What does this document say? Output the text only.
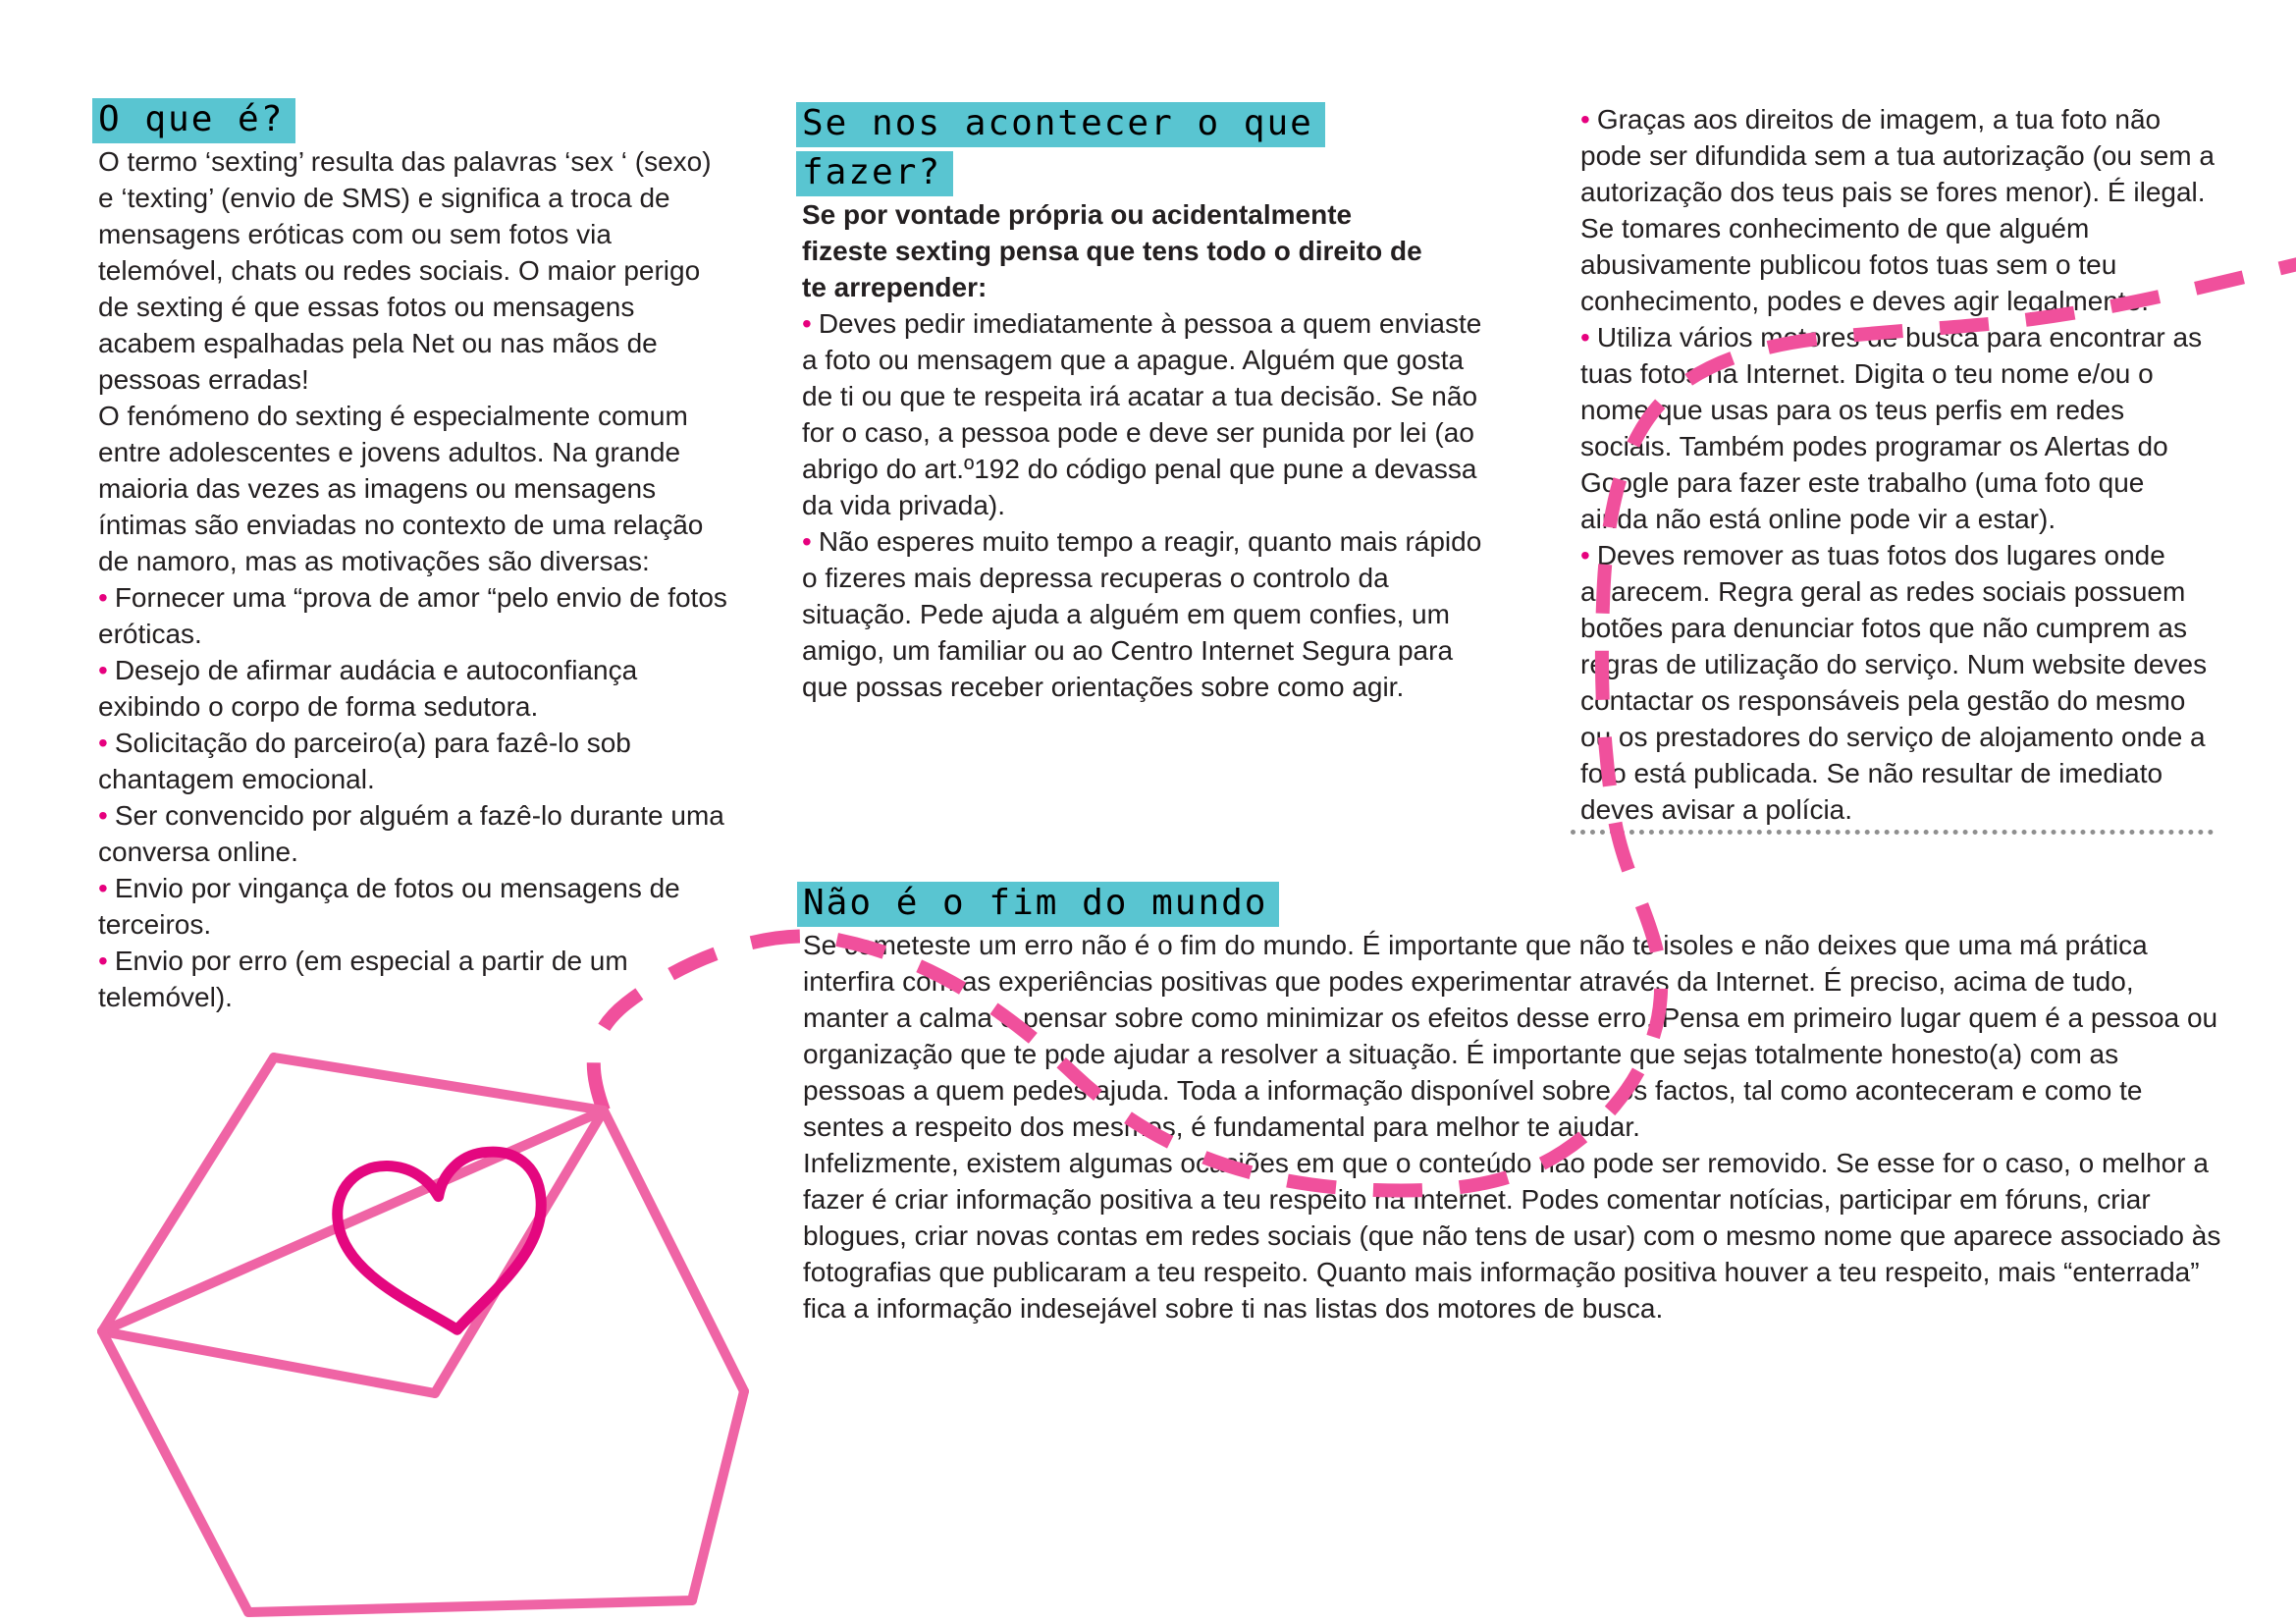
O que é?

O termo ‘sexting’ resulta das palavras ‘sex ‘ (sexo) e ‘texting’ (envio de SMS) e significa a troca de mensagens eróticas com ou sem fotos via telemóvel, chats ou redes sociais. O maior perigo de sexting é que essas fotos ou mensagens acabem espalhadas pela Net ou nas mãos de pessoas erradas!

O fenómeno do sexting é especialmente comum entre adolescentes e jovens adultos. Na grande maioria das vezes as imagens ou mensagens íntimas são enviadas no contexto de uma relação de namoro, mas as motivações são diversas:

• Fornecer uma “prova de amor “pelo envio de fotos eróticas.

• Desejo de afirmar audácia e autoconfiança exibindo o corpo de forma sedutora.

• Solicitação do parceiro(a) para fazê-lo sob chantagem emocional.

• Ser convencido por alguém a fazê-lo durante uma conversa online.

• Envio por vingança de fotos ou mensagens de terceiros.

• Envio por erro (em especial a partir de um telemóvel).

Se nos acontecer o que
fazer?

Se por vontade própria ou acidentalmente fizeste sexting pensa que tens todo o direito de te arrepender:

• Deves pedir imediatamente à pessoa a quem enviaste a foto ou mensagem que a apague. Alguém que gosta de ti ou que te respeita irá acatar a tua decisão. Se não for o caso, a pessoa pode e deve ser punida por lei (ao abrigo do art.º192 do código penal que pune a devassa da vida privada).

• Não esperes muito tempo a reagir, quanto mais rápido o fizeres mais depressa recuperas o controlo da situação. Pede ajuda a alguém em quem confies, um amigo, um familiar ou ao Centro Internet Segura para que possas receber orientações sobre como agir.

• Graças aos direitos de imagem, a tua foto não pode ser difundida sem a tua autorização (ou sem a autorização dos teus pais se fores menor). É ilegal. Se tomares conhecimento de que alguém abusivamente publicou fotos tuas sem o teu conhecimento, podes e deves agir legalmente.

• Utiliza vários motores de busca para encontrar as tuas fotos na Internet. Digita o teu nome e/ou o nome que usas para os teus perfis em redes sociais. Também podes programar os Alertas do Google para fazer este trabalho (uma foto que ainda não está online pode vir a estar).

• Deves remover as tuas fotos dos lugares onde aparecem. Regra geral as redes sociais possuem botões para denunciar fotos que não cumprem as regras de utilização do serviço. Num website deves contactar os responsáveis pela gestão do mesmo ou os prestadores do serviço de alojamento onde a foto está publicada. Se não resultar de imediato deves avisar a polícia.

Não é o fim do mundo

Se cometeste um erro não é o fim do mundo. É importante que não te isoles e não deixes que uma má prática interfira com as experiências positivas que podes experimentar através da Internet. É preciso, acima de tudo, manter a calma e pensar sobre como minimizar os efeitos desse erro. Pensa em primeiro lugar quem é a pessoa ou organização que te pode ajudar a resolver a situação. É importante que sejas totalmente honesto(a) com as pessoas a quem pedes ajuda. Toda a informação disponível sobre os factos, tal como aconteceram e como te sentes a respeito dos mesmos, é fundamental para melhor te ajudar.

Infelizmente, existem algumas ocasiões em que o conteúdo não pode ser removido. Se esse for o caso, o melhor a fazer é criar informação positiva a teu respeito na Internet. Podes comentar notícias, participar em fóruns, criar blogues, criar novas contas em redes sociais (que não tens de usar) com o mesmo nome que aparece associado às fotografias que publicaram a teu respeito. Quanto mais informação positiva houver a teu respeito, mais “enterrada” fica a informação indesejável sobre ti nas listas dos motores de busca.
